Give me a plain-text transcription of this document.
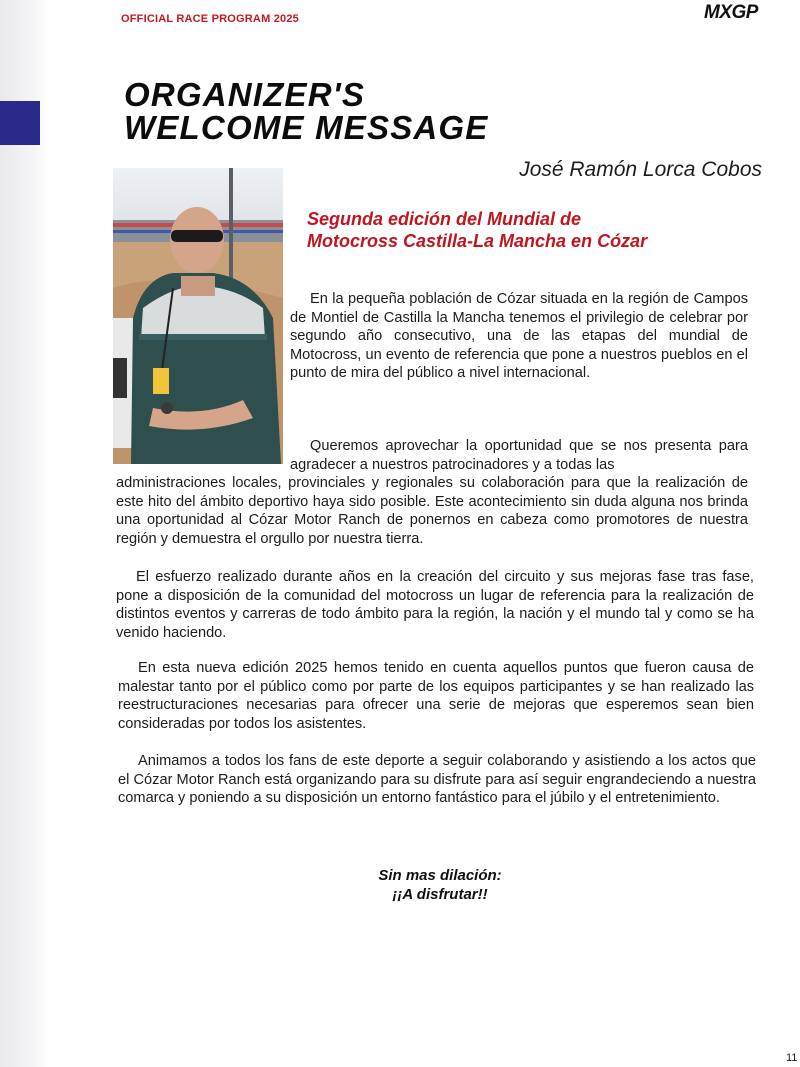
OFFICIAL RACE PROGRAM 2025	MXGP
ORGANIZER'S
WELCOME MESSAGE
José Ramón Lorca Cobos
Segunda edición del Mundial de
Motocross Castilla-La Mancha en Cózar

En la pequeña población de Cózar situada en la región de Campos de Montiel de Castilla la Mancha tenemos el privilegio de celebrar por segundo año consecutivo, una de las etapas del mundial de Motocross, un evento de referencia que pone a nuestros pueblos en el punto de mira del público a nivel internacional.

Queremos aprovechar la oportunidad que se nos presenta para agradecer a nuestros patrocinadores y a todas las
administraciones locales, provinciales y regionales su colaboración para que la realización de este hito del ámbito deportivo haya sido posible. Este acontecimiento sin duda alguna nos brinda una oportunidad al Cózar Motor Ranch de ponernos en cabeza como promotores de nuestra región y demuestra el orgullo por nuestra tierra.

El esfuerzo realizado durante años en la creación del circuito y sus mejoras fase tras fase, pone a disposición de la comunidad del motocross un lugar de referencia para la realización de distintos eventos y carreras de todo ámbito para la región, la nación y el mundo tal y como se ha venido haciendo.

En esta nueva edición 2025 hemos tenido en cuenta aquellos puntos que fueron causa de malestar tanto por el público como por parte de los equipos participantes y se han realizado las reestructuraciones necesarias para ofrecer una serie de mejoras que esperemos sean bien consideradas por todos los asistentes.

Animamos a todos los fans de este deporte a seguir colaborando y asistiendo a los actos que el Cózar Motor Ranch está organizando para su disfrute para así seguir engrandeciendo a nuestra comarca y poniendo a su disposición un entorno fantástico para el júbilo y el entretenimiento.

Sin mas dilación:
¡¡A disfrutar!!
11
